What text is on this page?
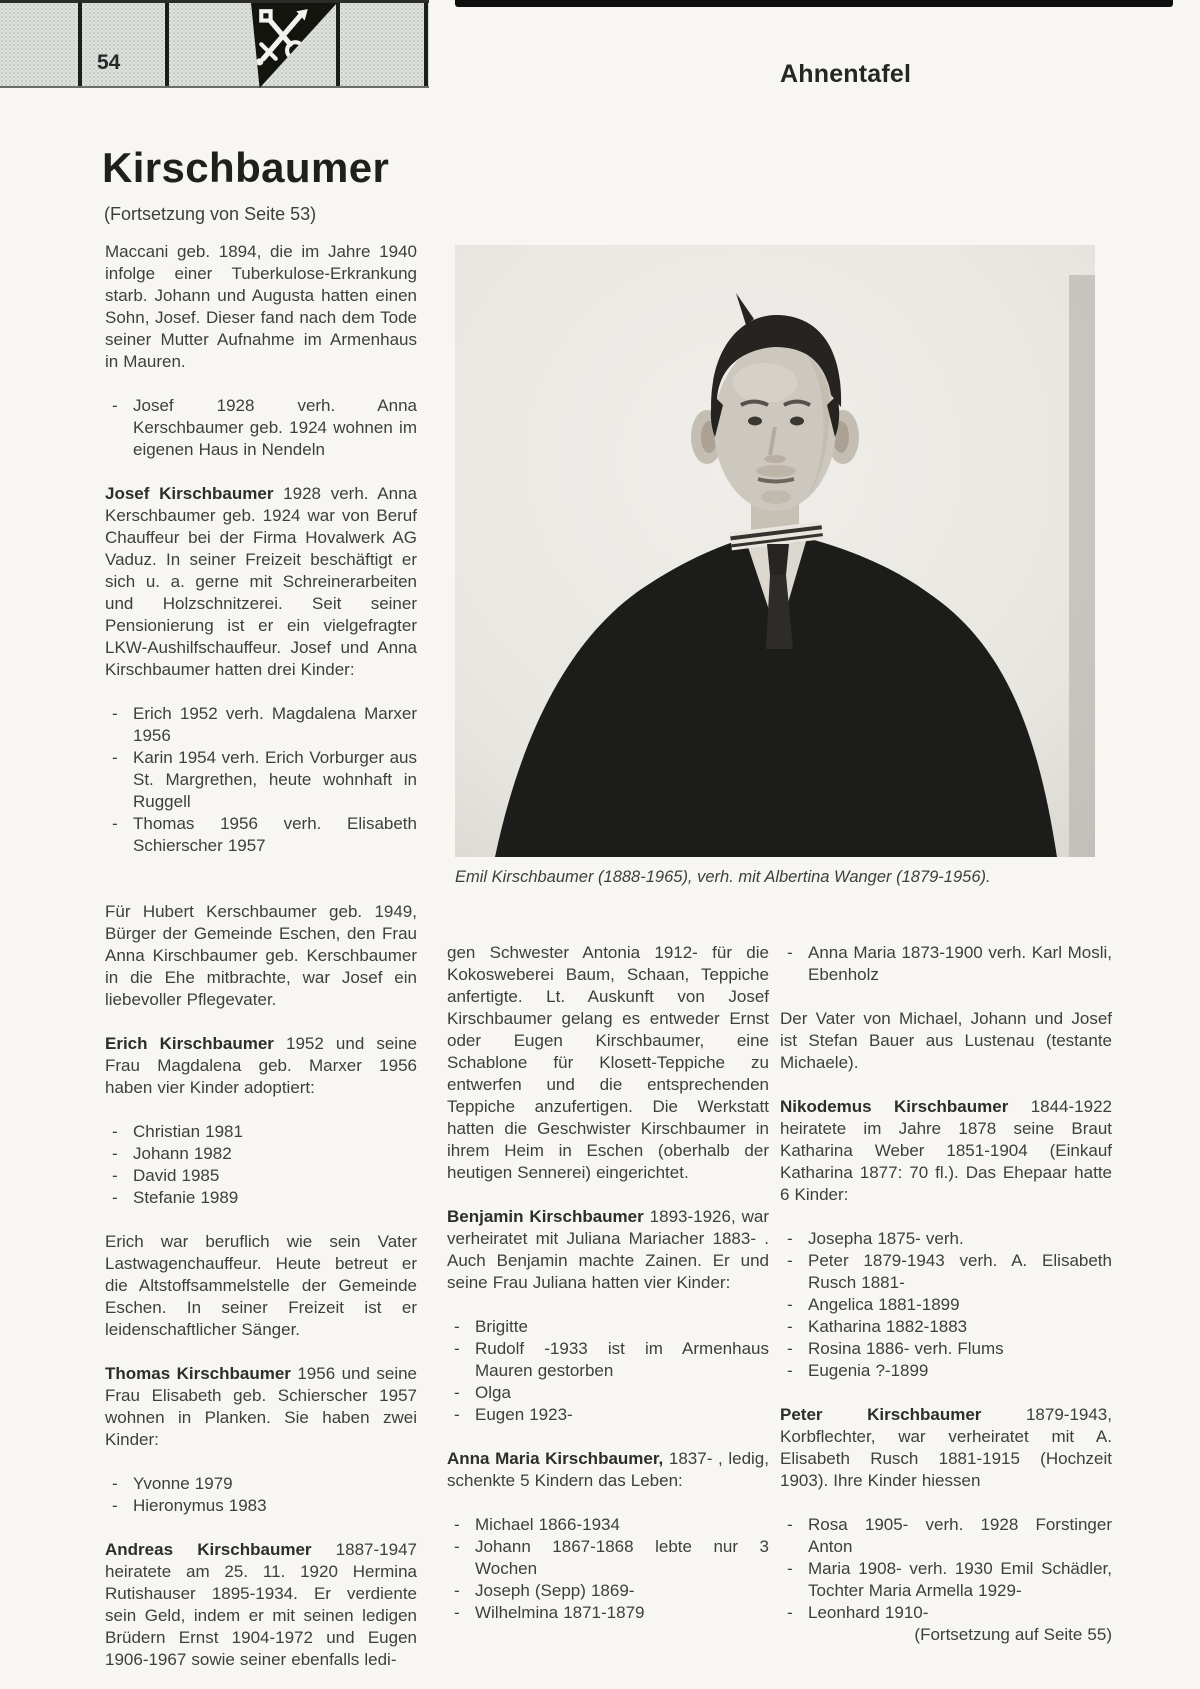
54	Ahnentafel
Kirschbaumer
(Fortsetzung von Seite 53)
Emil Kirschbaumer (1888-1965), verh. mit Albertina Wanger (1879-1956).

Maccani geb. 1894, die im Jahre 1940 infolge einer Tuberkulose-Erkrankung starb. Johann und Augusta hatten einen Sohn, Josef. Dieser fand nach dem Tode seiner Mutter Aufnahme im Armenhaus in Mauren.

- Josef 1928 verh. Anna Kerschbaumer geb. 1924 wohnen im eigenen Haus in Nendeln

Josef Kirschbaumer 1928 verh. Anna Kerschbaumer geb. 1924 war von Beruf Chauffeur bei der Firma Hovalwerk AG Vaduz. In seiner Freizeit beschäftigt er sich u. a. gerne mit Schreinerarbeiten und Holzschnitzerei. Seit seiner Pensionierung ist er ein vielgefragter LKW-Aushilfschauffeur. Josef und Anna Kirschbaumer hatten drei Kinder:

- Erich 1952 verh. Magdalena Marxer 1956
- Karin 1954 verh. Erich Vorburger aus St. Margrethen, heute wohnhaft in Ruggell
- Thomas 1956 verh. Elisabeth Schierscher 1957

Für Hubert Kerschbaumer geb. 1949, Bürger der Gemeinde Eschen, den Frau Anna Kirschbaumer geb. Kerschbaumer in die Ehe mitbrachte, war Josef ein liebevoller Pflegevater.

Erich Kirschbaumer 1952 und seine Frau Magdalena geb. Marxer 1956 haben vier Kinder adoptiert:

- Christian 1981
- Johann 1982
- David 1985
- Stefanie 1989

Erich war beruflich wie sein Vater Lastwagenchauffeur. Heute betreut er die Altstoffsammelstelle der Gemeinde Eschen. In seiner Freizeit ist er leidenschaftlicher Sänger.

Thomas Kirschbaumer 1956 und seine Frau Elisabeth geb. Schierscher 1957 wohnen in Planken. Sie haben zwei Kinder:

- Yvonne 1979
- Hieronymus 1983

Andreas Kirschbaumer 1887-1947 heiratete am 25. 11. 1920 Hermina Rutishauser 1895-1934. Er verdiente sein Geld, indem er mit seinen ledigen Brüdern Ernst 1904-1972 und Eugen 1906-1967 sowie seiner ebenfalls ledi-

gen Schwester Antonia 1912- für die Kokosweberei Baum, Schaan, Teppiche anfertigte. Lt. Auskunft von Josef Kirschbaumer gelang es entweder Ernst oder Eugen Kirschbaumer, eine Schablone für Klosett-Teppiche zu entwerfen und die entsprechenden Teppiche anzufertigen. Die Werkstatt hatten die Geschwister Kirschbaumer in ihrem Heim in Eschen (oberhalb der heutigen Sennerei) eingerichtet.

Benjamin Kirschbaumer 1893-1926, war verheiratet mit Juliana Mariacher 1883- . Auch Benjamin machte Zainen. Er und seine Frau Juliana hatten vier Kinder:

- Brigitte
- Rudolf -1933 ist im Armenhaus Mauren gestorben
- Olga
- Eugen 1923-

Anna Maria Kirschbaumer, 1837- , ledig, schenkte 5 Kindern das Leben:

- Michael 1866-1934
- Johann 1867-1868 lebte nur 3 Wochen
- Joseph (Sepp) 1869-
- Wilhelmina 1871-1879
- Anna Maria 1873-1900 verh. Karl Mosli, Ebenholz

Der Vater von Michael, Johann und Josef ist Stefan Bauer aus Lustenau (testante Michaele).

Nikodemus Kirschbaumer 1844-1922 heiratete im Jahre 1878 seine Braut Katharina Weber 1851-1904 (Einkauf Katharina 1877: 70 fl.). Das Ehepaar hatte 6 Kinder:

- Josepha 1875- verh.
- Peter 1879-1943 verh. A. Elisabeth Rusch 1881-
- Angelica 1881-1899
- Katharina 1882-1883
- Rosina 1886- verh. Flums
- Eugenia ?-1899

Peter Kirschbaumer 1879-1943, Korbflechter, war verheiratet mit A. Elisabeth Rusch 1881-1915 (Hochzeit 1903). Ihre Kinder hiessen

- Rosa 1905- verh. 1928 Forstinger Anton
- Maria 1908- verh. 1930 Emil Schädler, Tochter Maria Armella 1929-
- Leonhard 1910-

(Fortsetzung auf Seite 55)
